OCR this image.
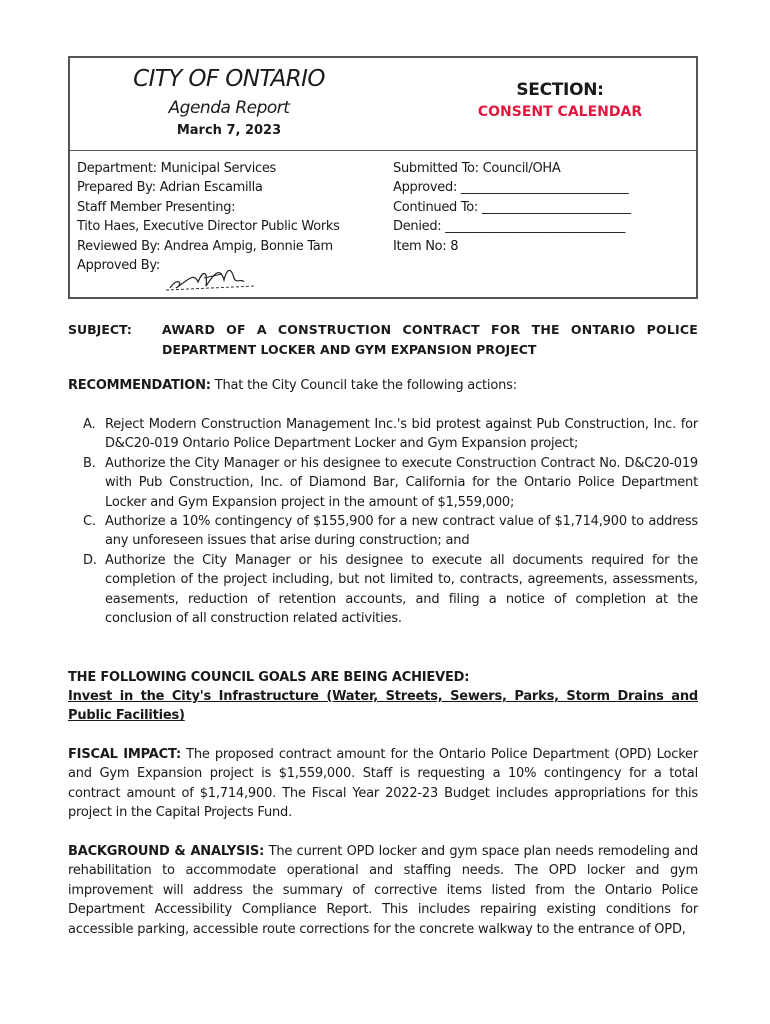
CITY OF ONTARIO
Agenda Report
March 7, 2023
SECTION:
CONSENT CALENDAR
Department: Municipal Services
Prepared By: Adrian Escamilla
Staff Member Presenting:
Tito Haes, Executive Director Public Works
Reviewed By: Andrea Ampig, Bonnie Tam
Approved By:
Submitted To: Council/OHA
Approved: ___________________________
Continued To: ________________________
Denied: _____________________________
Item No: 8
SUBJECT: AWARD OF A CONSTRUCTION CONTRACT FOR THE ONTARIO POLICE
DEPARTMENT LOCKER AND GYM EXPANSION PROJECT
RECOMMENDATION: That the City Council take the following actions:
A. Reject Modern Construction Management Inc.'s bid protest against Pub Construction, Inc. for D&C20-019 Ontario Police Department Locker and Gym Expansion project;
B. Authorize the City Manager or his designee to execute Construction Contract No. D&C20-019 with Pub Construction, Inc. of Diamond Bar, California for the Ontario Police Department Locker and Gym Expansion project in the amount of $1,559,000;
C. Authorize a 10% contingency of $155,900 for a new contract value of $1,714,900 to address any unforeseen issues that arise during construction; and
D. Authorize the City Manager or his designee to execute all documents required for the completion of the project including, but not limited to, contracts, agreements, assessments, easements, reduction of retention accounts, and filing a notice of completion at the conclusion of all construction related activities.
THE FOLLOWING COUNCIL GOALS ARE BEING ACHIEVED:
Invest in the City's Infrastructure (Water, Streets, Sewers, Parks, Storm Drains and Public Facilities)
FISCAL IMPACT: The proposed contract amount for the Ontario Police Department (OPD) Locker and Gym Expansion project is $1,559,000. Staff is requesting a 10% contingency for a total contract amount of $1,714,900. The Fiscal Year 2022-23 Budget includes appropriations for this project in the Capital Projects Fund.
BACKGROUND & ANALYSIS: The current OPD locker and gym space plan needs remodeling and rehabilitation to accommodate operational and staffing needs. The OPD locker and gym improvement will address the summary of corrective items listed from the Ontario Police Department Accessibility Compliance Report. This includes repairing existing conditions for accessible parking, accessible route corrections for the concrete walkway to the entrance of OPD,
